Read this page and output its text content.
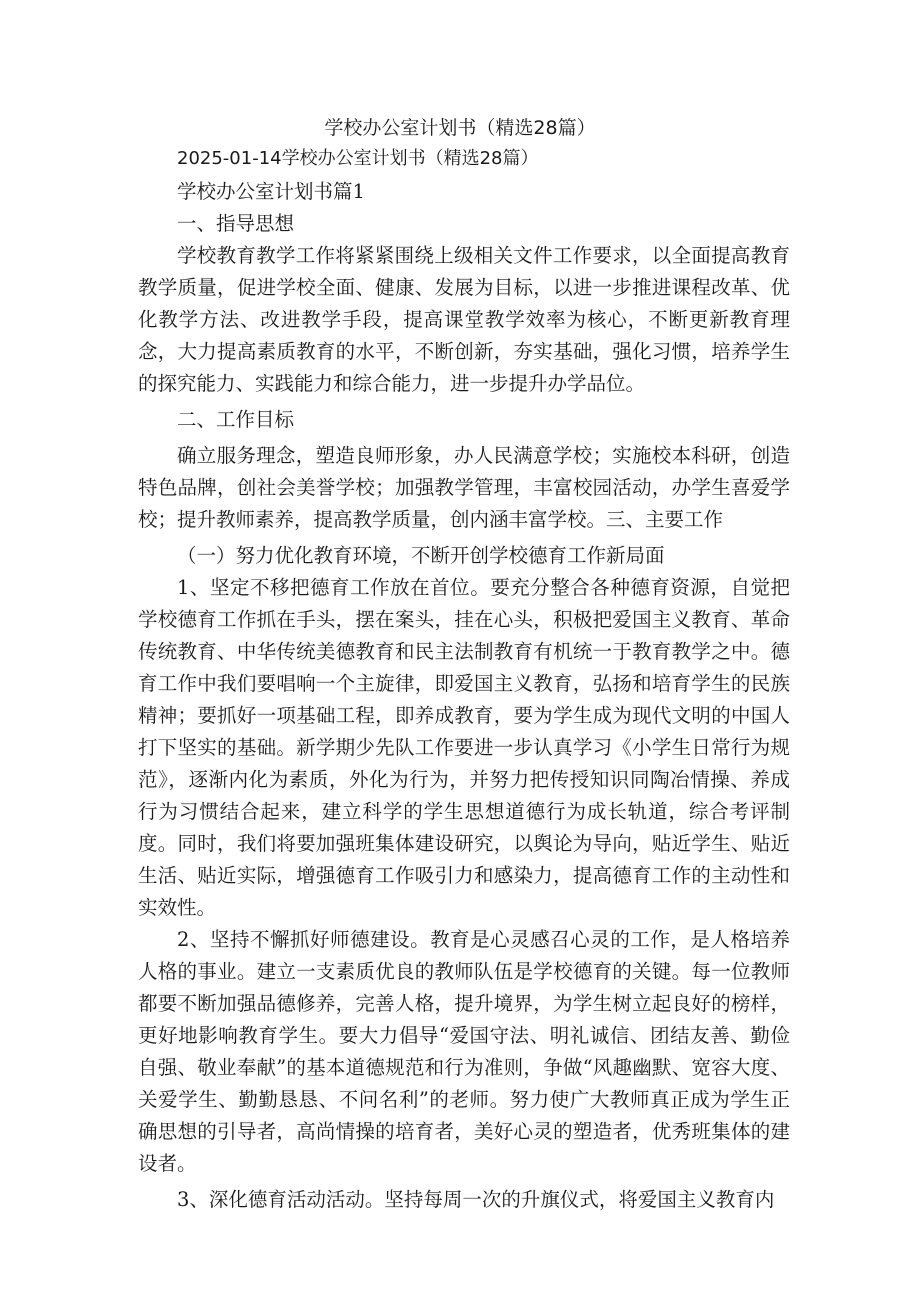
学校办公室计划书（精选28篇）
2025-01-14学校办公室计划书（精选28篇）

学校办公室计划书篇1

一、指导思想

学校教育教学工作将紧紧围绕上级相关文件工作要求，以全面提高教育教学质量，促进学校全面、健康、发展为目标，以进一步推进课程改革、优化教学方法、改进教学手段，提高课堂教学效率为核心，不断更新教育理念，大力提高素质教育的水平，不断创新，夯实基础，强化习惯，培养学生的探究能力、实践能力和综合能力，进一步提升办学品位。

二、工作目标

确立服务理念，塑造良师形象，办人民满意学校；实施校本科研，创造特色品牌，创社会美誉学校；加强教学管理，丰富校园活动，办学生喜爱学校；提升教师素养，提高教学质量，创内涵丰富学校。三、主要工作

（一）努力优化教育环境，不断开创学校德育工作新局面

1、坚定不移把德育工作放在首位。要充分整合各种德育资源，自觉把学校德育工作抓在手头，摆在案头，挂在心头，积极把爱国主义教育、革命传统教育、中华传统美德教育和民主法制教育有机统一于教育教学之中。德育工作中我们要唱响一个主旋律，即爱国主义教育，弘扬和培育学生的民族精神；要抓好一项基础工程，即养成教育，要为学生成为现代文明的中国人打下坚实的基础。新学期少先队工作要进一步认真学习《小学生日常行为规范》，逐渐内化为素质，外化为行为，并努力把传授知识同陶冶情操、养成行为习惯结合起来，建立科学的学生思想道德行为成长轨道，综合考评制度。同时，我们将要加强班集体建设研究，以舆论为导向，贴近学生、贴近生活、贴近实际，增强德育工作吸引力和感染力，提高德育工作的主动性和实效性。

2、坚持不懈抓好师德建设。教育是心灵感召心灵的工作，是人格培养人格的事业。建立一支素质优良的教师队伍是学校德育的关键。每一位教师都要不断加强品德修养，完善人格，提升境界，为学生树立起良好的榜样，更好地影响教育学生。要大力倡导“爱国守法、明礼诚信、团结友善、勤俭自强、敬业奉献”的基本道德规范和行为准则，争做“风趣幽默、宽容大度、关爱学生、勤勤恳恳、不问名利”的老师。努力使广大教师真正成为学生正确思想的引导者，高尚情操的培育者，美好心灵的塑造者，优秀班集体的建设者。

3、深化德育活动活动。坚持每周一次的升旗仪式，将爱国主义教育内
